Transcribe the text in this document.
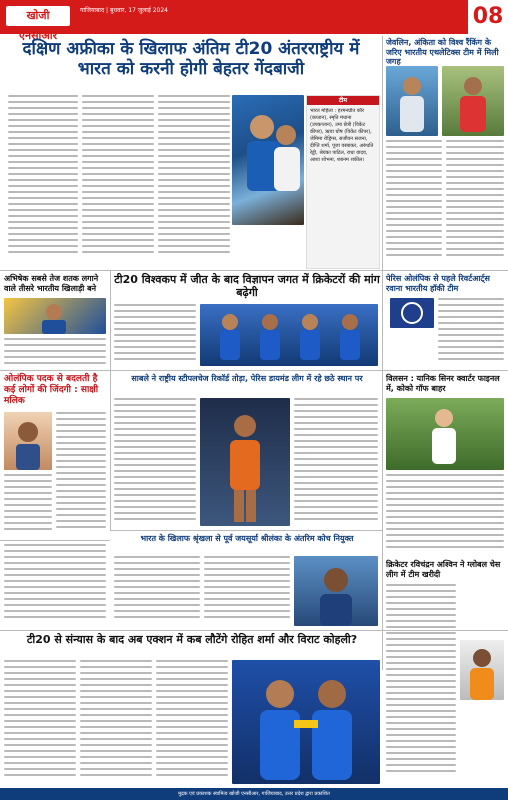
खोजी एनसीआर
गाजियाबाद | बुधवार, 17 जुलाई 2024	08
दक्षिण अफ्रीका के खिलाफ अंतिम टी20 अंतरराष्ट्रीय में भारत को करनी होगी बेहतर गेंदबाजी
टीम
भारत महिला : हरमनप्रीत कौर (कप्तान), स्मृति मंधाना (उपकप्तान), उमा छेत्री (विकेट कीपर), ऋचा घोष (विकेट कीपर), जेमिमा रोड्रिग्स, सजीवन सजना, दीप्ति शर्मा, पूजा वस्त्राकर, अरुंधति रेड्डी, श्रेयंका पाटिल, राधा यादव, आशा शोभना, शबनम शकील।
जेवलिन, अंकिता को विश्व रैंकिंग के जरिए भारतीय एथलेटिक्स टीम में मिली जगह
अभिषेक सबसे तेज शतक लगाने वाले तीसरे भारतीय खिलाड़ी बने
टी20 विश्वकप में जीत के बाद विज्ञापन जगत में क्रिकेटरों की मांग बढ़ेगी
पेरिस ओलंपिक से पहले रिवर्टआर्ट्स रवाना भारतीय हॉकी टीम
ओलंपिक पदक से बदलती है कई लोगों की जिंदगी : साक्षी मलिक
साबले ने राष्ट्रीय स्टीपलचेज रिकॉर्ड तोड़ा, पेरिस डायमंड लीग में रहे छठे स्थान पर	विलसन : यानिक सिनर क्वार्टर फाइनल में, कोको गॉफ बाहर
भारत के खिलाफ श्रृंखला से पूर्व जयसूर्या श्रीलंका के अंतरिम कोच नियुक्त
क्रिकेटर रविचंद्रन अश्विन ने ग्लोबल चेस लीग में टीम खरीदी
टी20 से संन्यास के बाद अब एक्शन में कब लौटेंगे रोहित शर्मा और विराट कोहली?
मुद्रक एवं प्रकाशक स्वामित्व खोजी एनसीआर, गाजियाबाद, उत्तर प्रदेश द्वारा प्रकाशित
